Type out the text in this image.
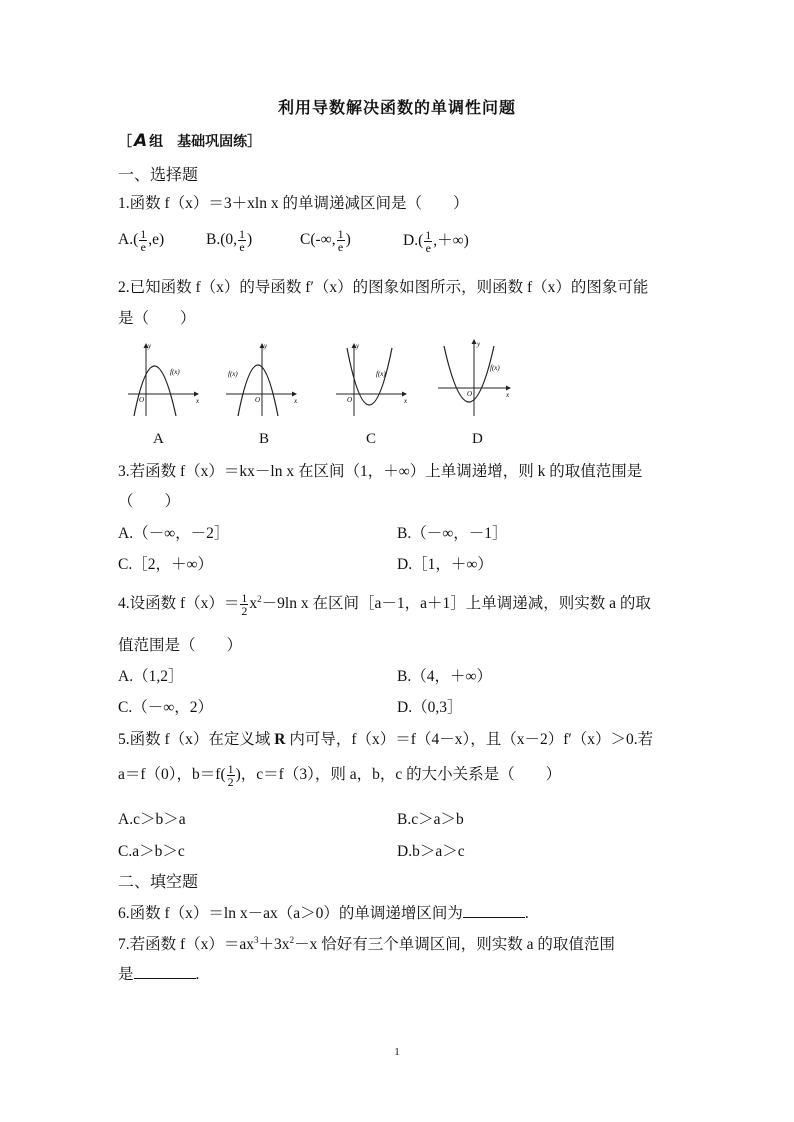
利用导数解决函数的单调性问题
［ A 组　基础巩固练］
一、选择题
1.函数 f（x）＝3＋xln x 的单调递减区间是（　　）
$A.( \frac{1}{e} ,e)$	B.(0, $\frac{1}{e}$ )	C(-∞, $\frac{1}{e}$ )	$D.( \frac{1}{e}$ ,＋∞)
2.已知函数 f（x）的导函数 f′（x）的图象如图所示，则函数 f（x）的图象可能
是（　　）
y
x
O
f(x)
y
x
O
f(x)
y
x
O
f(x)
y
x
O
f(x)
A	B	C	D
3.若函数 f（x）＝kx－ln x 在区间（1，＋∞）上单调递增，则 k 的取值范围是
（　　）
A.（－∞，－2］	B.（－∞，－1］
C.［2，＋∞）	D.［1，＋∞）
4.设函数 $f(x)= \frac{1}{2} x^2-9\ln$ x 在区间［a－1，a＋1］上单调递减，则实数 a 的取
值范围是（　　）
A.（1,2］	B.（4，＋∞）
C.（－∞，2）	D.（0,3］
5.函数 f（x）在定义域 R 内可导，f（x）＝f（4－x），且（x－2）f′（x）＞0.若
a＝f（0），$b=f( \frac{1}{2}$ )，c＝f（3），则 a，b，c 的大小关系是（　　）
A.c＞b＞a	B.c＞a＞b
C.a＞b＞c	D.b＞a＞c
二、填空题
6.函数 f（x）＝ln x－ax（a＞0）的单调递增区间为	.
7.若函数 $f(x)=ax^3+3x^2-x$ 恰好有三个单调区间，则实数 a 的取值范围
是	.
1
